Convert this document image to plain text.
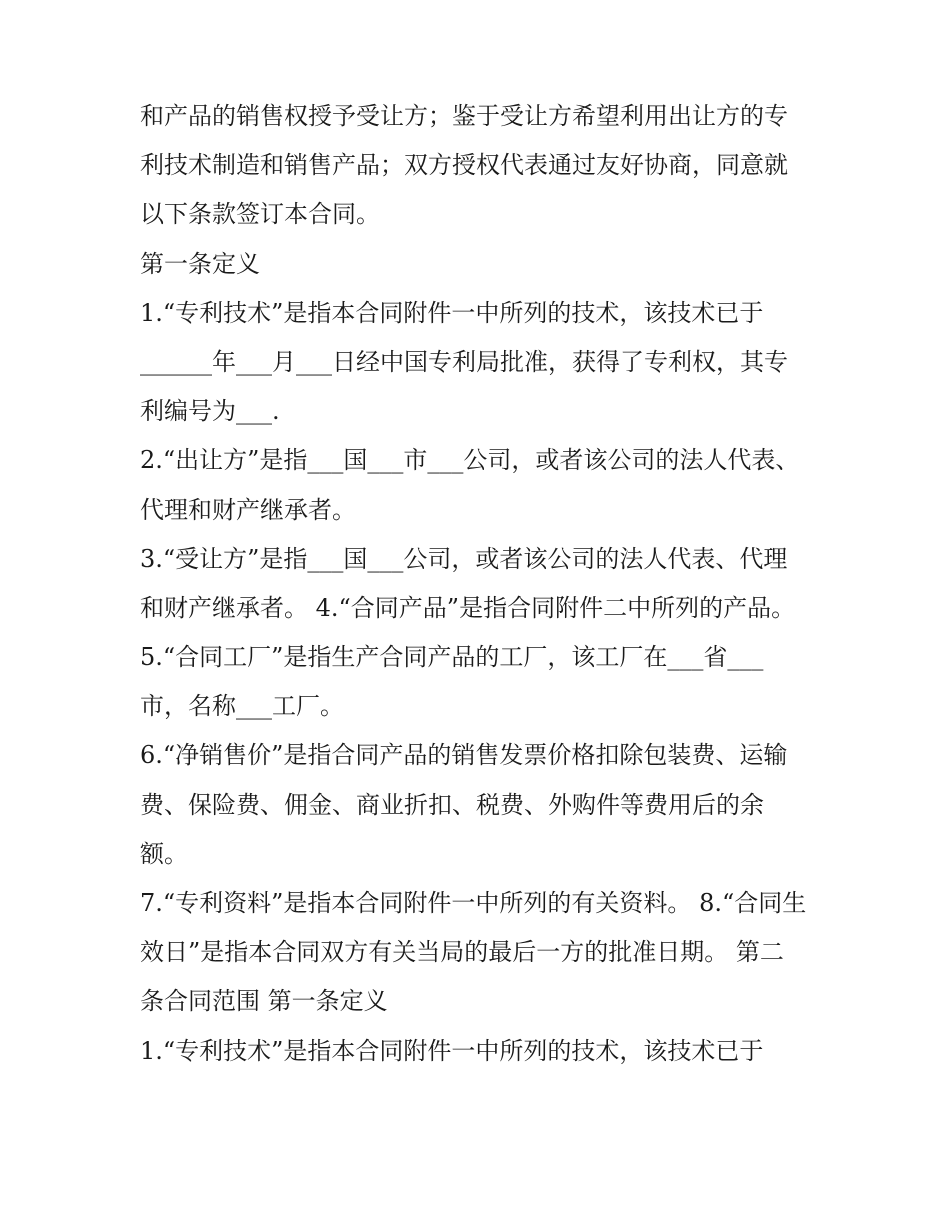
和产品的销售权授予受让方；鉴于受让方希望利用出让方的专
利技术制造和销售产品；双方授权代表通过友好协商，同意就
以下条款签订本合同。
第一条定义
1.“专利技术”是指本合同附件一中所列的技术，该技术已于
______年___月___日经中国专利局批准，获得了专利权，其专
利编号为___.
2.“出让方”是指___国___市___公司，或者该公司的法人代表、
代理和财产继承者。
3.“受让方”是指___国___公司，或者该公司的法人代表、代理
和财产继承者。 4.“合同产品”是指合同附件二中所列的产品。
5.“合同工厂”是指生产合同产品的工厂，该工厂在___省___
市，名称___工厂。
6.“净销售价”是指合同产品的销售发票价格扣除包装费、运输
费、保险费、佣金、商业折扣、税费、外购件等费用后的余
额。
7.“专利资料”是指本合同附件一中所列的有关资料。 8.“合同生
效日”是指本合同双方有关当局的最后一方的批准日期。 第二
条合同范围 第一条定义
1.“专利技术”是指本合同附件一中所列的技术，该技术已于
